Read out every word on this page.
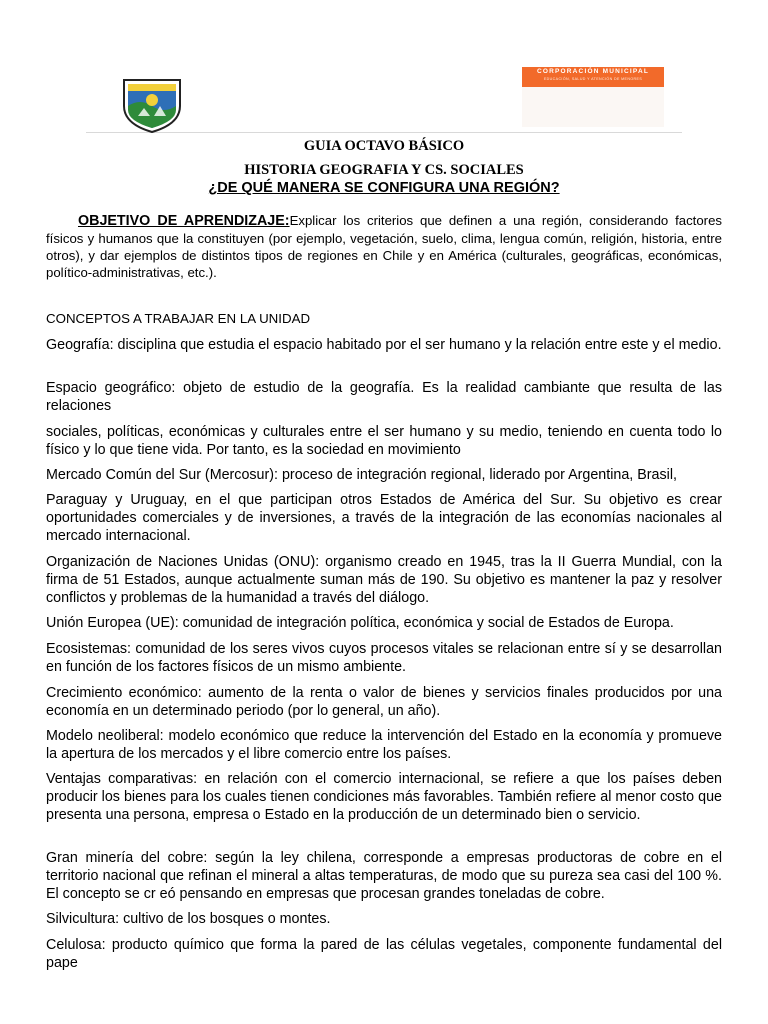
CORPORACIÓN MUNICIPAL
EDUCACIÓN, SALUD Y ATENCIÓN DE MENORES
GUIA OCTAVO BÁSICO
HISTORIA GEOGRAFIA Y CS. SOCIALES
¿DE QUÉ MANERA SE CONFIGURA UNA REGIÓN?
OBJETIVO DE APRENDIZAJE:Explicar los criterios que definen a una región, considerando factores físicos y humanos que la constituyen (por ejemplo, vegetación, suelo, clima, lengua común, religión, historia, entre otros), y dar ejemplos de distintos tipos de regiones en Chile y en América (culturales, geográficas, económicas, político-administrativas, etc.).
CONCEPTOS A TRABAJAR EN LA UNIDAD

Geografía: disciplina que estudia el espacio habitado por el ser humano y la relación entre este y el medio.

Espacio geográfico: objeto de estudio de la geografía. Es la realidad cambiante que resulta de las relaciones

sociales, políticas, económicas y culturales entre el ser humano y su medio, teniendo en cuenta todo lo físico y lo que tiene vida. Por tanto, es la sociedad en movimiento

Mercado Común del Sur (Mercosur): proceso de integración regional, liderado por Argentina, Brasil,

Paraguay y Uruguay, en el que participan otros Estados de América del Sur. Su objetivo es crear oportunidades comerciales y de inversiones, a través de la integración de las economías nacionales al mercado internacional.

Organización de Naciones Unidas (ONU): organismo creado en 1945, tras la II Guerra Mundial, con la firma de 51 Estados, aunque actualmente suman más de 190. Su objetivo es mantener la paz y resolver conflictos y problemas de la humanidad a través del diálogo.

Unión Europea (UE): comunidad de integración política, económica y social de Estados de Europa.

Ecosistemas: comunidad de los seres vivos cuyos procesos vitales se relacionan entre sí y se desarrollan en función de los factores físicos de un mismo ambiente.

Crecimiento económico: aumento de la renta o valor de bienes y servicios finales producidos por una economía en un determinado periodo (por lo general, un año).

Modelo neoliberal: modelo económico que reduce la intervención del Estado en la economía y promueve la apertura de los mercados y el libre comercio entre los países.

Ventajas comparativas: en relación con el comercio internacional, se refiere a que los países deben producir los bienes para los cuales tienen condiciones más favorables. También refiere al menor costo que presenta una persona, empresa o Estado en la producción de un determinado bien o servicio.

Gran minería del cobre: según la ley chilena, corresponde a empresas productoras de cobre en el territorio nacional que refinan el mineral a altas temperaturas, de modo que su pureza sea casi del 100 %. El concepto se cr eó pensando en empresas que procesan grandes toneladas de cobre.

Silvicultura: cultivo de los bosques o montes.

Celulosa: producto químico que forma la pared de las células vegetales, componente fundamental del pape
